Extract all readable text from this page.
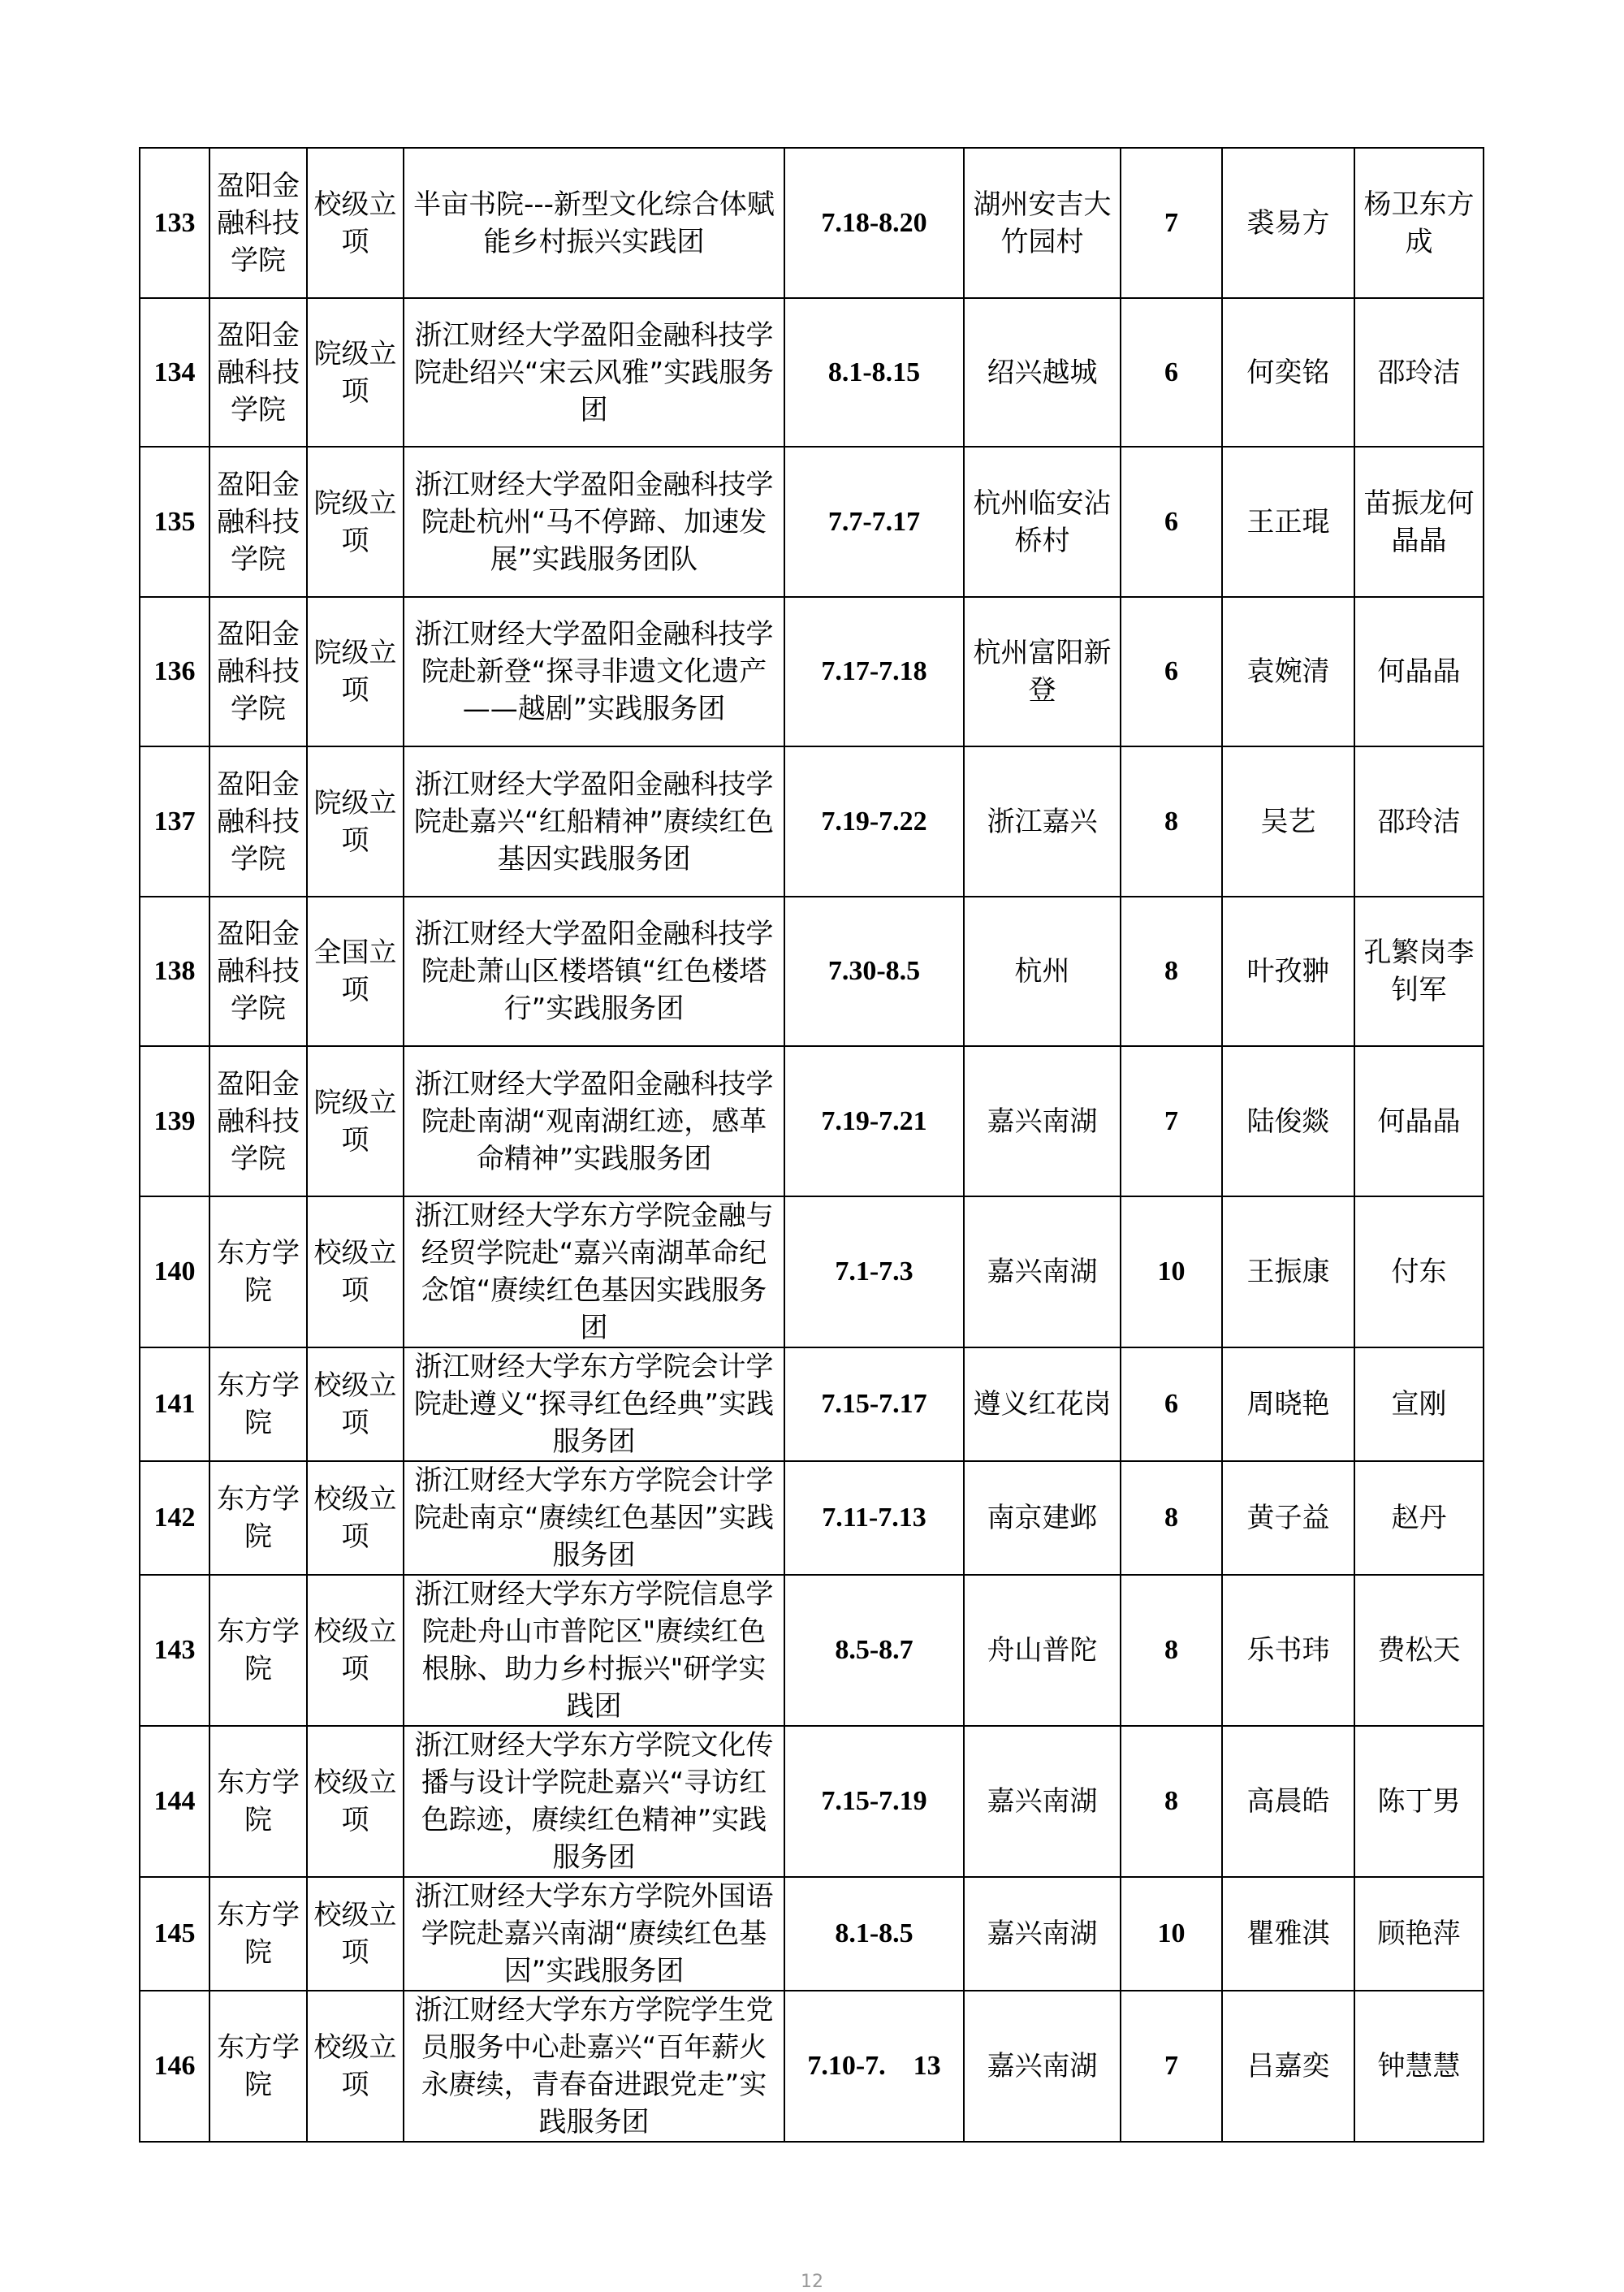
133	盈阳金融科技学院	校级立项	半亩书院---新型文化综合体赋能乡村振兴实践团	7.18-8.20	湖州安吉大竹园村	7	裘易方	杨卫东方成
134	盈阳金融科技学院	院级立项	浙江财经大学盈阳金融科技学院赴绍兴“宋云风雅”实践服务团	8.1-8.15	绍兴越城	6	何奕铭	邵玲洁
135	盈阳金融科技学院	院级立项	浙江财经大学盈阳金融科技学院赴杭州“马不停蹄、加速发展”实践服务团队	7.7-7.17	杭州临安沾桥村	6	王正琨	苗振龙何晶晶
136	盈阳金融科技学院	院级立项	浙江财经大学盈阳金融科技学院赴新登“探寻非遗文化遗产——越剧”实践服务团	7.17-7.18	杭州富阳新登	6	袁婉清	何晶晶
137	盈阳金融科技学院	院级立项	浙江财经大学盈阳金融科技学院赴嘉兴“红船精神”赓续红色基因实践服务团	7.19-7.22	浙江嘉兴	8	吴艺	邵玲洁
138	盈阳金融科技学院	全国立项	浙江财经大学盈阳金融科技学院赴萧山区楼塔镇“红色楼塔行”实践服务团	7.30-8.5	杭州	8	叶孜翀	孔繁岗李钊军
139	盈阳金融科技学院	院级立项	浙江财经大学盈阳金融科技学院赴南湖“观南湖红迹，感革命精神”实践服务团	7.19-7.21	嘉兴南湖	7	陆俊燚	何晶晶
140	东方学院	校级立项	浙江财经大学东方学院金融与经贸学院赴“嘉兴南湖革命纪念馆“赓续红色基因实践服务团	7.1-7.3	嘉兴南湖	10	王振康	付东
141	东方学院	校级立项	浙江财经大学东方学院会计学院赴遵义“探寻红色经典”实践服务团	7.15-7.17	遵义红花岗	6	周晓艳	宣刚
142	东方学院	校级立项	浙江财经大学东方学院会计学院赴南京“赓续红色基因”实践服务团	7.11-7.13	南京建邺	8	黄子益	赵丹
143	东方学院	校级立项	浙江财经大学东方学院信息学院赴舟山市普陀区"赓续红色根脉、助力乡村振兴"研学实践团	8.5-8.7	舟山普陀	8	乐书玮	费松天
144	东方学院	校级立项	浙江财经大学东方学院文化传播与设计学院赴嘉兴“寻访红色踪迹，赓续红色精神”实践服务团	7.15-7.19	嘉兴南湖	8	高晨皓	陈丁男
145	东方学院	校级立项	浙江财经大学东方学院外国语学院赴嘉兴南湖“赓续红色基因”实践服务团	8.1-8.5	嘉兴南湖	10	瞿雅淇	顾艳萍
146	东方学院	校级立项	浙江财经大学东方学院学生党员服务中心赴嘉兴“百年薪火永赓续，青春奋进跟党走”实践服务团	7.10-7.　13	嘉兴南湖	7	吕嘉奕	钟慧慧
12
